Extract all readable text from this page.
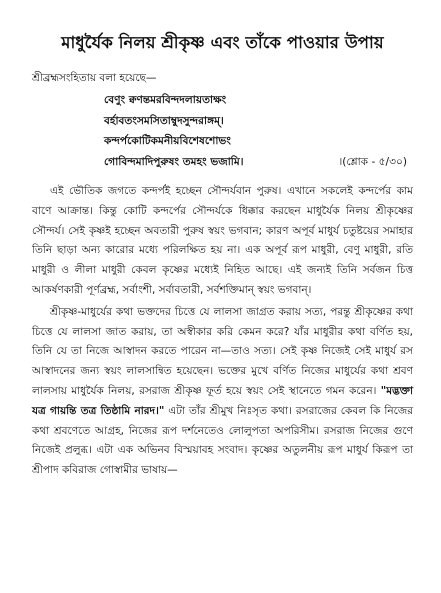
মাধুর্যৈক নিলয় শ্রীকৃষ্ণ এবং তাঁকে পাওয়ার উপায়
শ্রীব্রহ্মসংহিতায় বলা হয়েছে—
বেণুং ক্বণন্তমরবিন্দদলায়তাক্ষং
বর্হাবতংসমসিতাম্বুদসুন্দরাঙ্গম্।
কন্দর্পকোটিকমনীয়বিশেষশোভং
গোবিন্দমাদিপুরুষং তমহং ভজামি।	।(শ্লোক - ৫/৩০)

এই ভৌতিক জগতে কন্দর্পই হচ্ছেন সৌন্দর্যবান পুরুষ। এখানে সকলেই কন্দর্পের কাম বাণে আক্রান্ত। কিন্তু কোটি কন্দর্পের সৌন্দর্যকে ধিক্কার করছেন মাধুর্যৈক নিলয় শ্রীকৃষ্ণের সৌন্দর্য। সেই কৃষ্ণই হচ্ছেন অবতারী পুরুষ স্বয়ং ভগবান; কারণ অপূর্ব মাধুর্য চতুষ্টয়ের সমাহার তিনি ছাড়া অন্য কারোর মধ্যে পরিলক্ষিত হয় না। এক অপূর্ব রূপ মাধুরী, বেণু মাধুরী, রতি মাধুরী ও লীলা মাধুরী কেবল কৃষ্ণের মধ্যেই নিহিত আছে। এই জন্যই তিনি সর্বজন চিত্ত আকর্ষণকারী পূর্ণব্রহ্ম, সর্বাংশী, সর্বাবতারী, সর্বশক্তিমান্ স্বয়ং ভগবান্।

শ্রীকৃষ্ণ-মাধুর্যের কথা ভক্তদের চিত্তে যে লালসা জাগ্রত করায় সত্য, পরন্তু শ্রীকৃষ্ণের কথা চিত্তে যে লালসা জাত করায়, তা অস্বীকার করি কেমন করে? যাঁর মাধুরীর কথা বর্ণিত হয়, তিনি যে তা নিজে আস্বাদন করতে পারেন না—তাও সত্য। সেই কৃষ্ণ নিজেই সেই মাধুর্য রস আস্বাদনের জন্য স্বয়ং লালসান্বিত হয়েছেন। ভক্তের মুখে বর্ণিত নিজের মাধুর্যের কথা শ্রবণ লালসায় মাধুর্যৈক নিলয়, রসরাজ শ্রীকৃষ্ণ ফূর্ত হয়ে স্বয়ং সেই স্থানেতে গমন করেন। "মদ্ভক্তা যত্র গায়ন্তি তত্র তিষ্ঠামি নারদ।" এটা তাঁর শ্রীমুখ নিঃসৃত কথা। রসরাজের কেবল কি নিজের কথা শ্রবণেতে আগ্রহ, নিজের রূপ দর্শনেতেও লোলুপতা অপরিসীম। রসরাজ নিজের গুণে নিজেই প্রলুব্ধ। এটা এক অভিনব বিস্ময়াবহ সংবাদ। কৃষ্ণের অতুলনীয় রূপ মাধুর্য কিরূপ তা শ্রীপাদ কবিরাজ গোস্বামীর ভাষায়—
